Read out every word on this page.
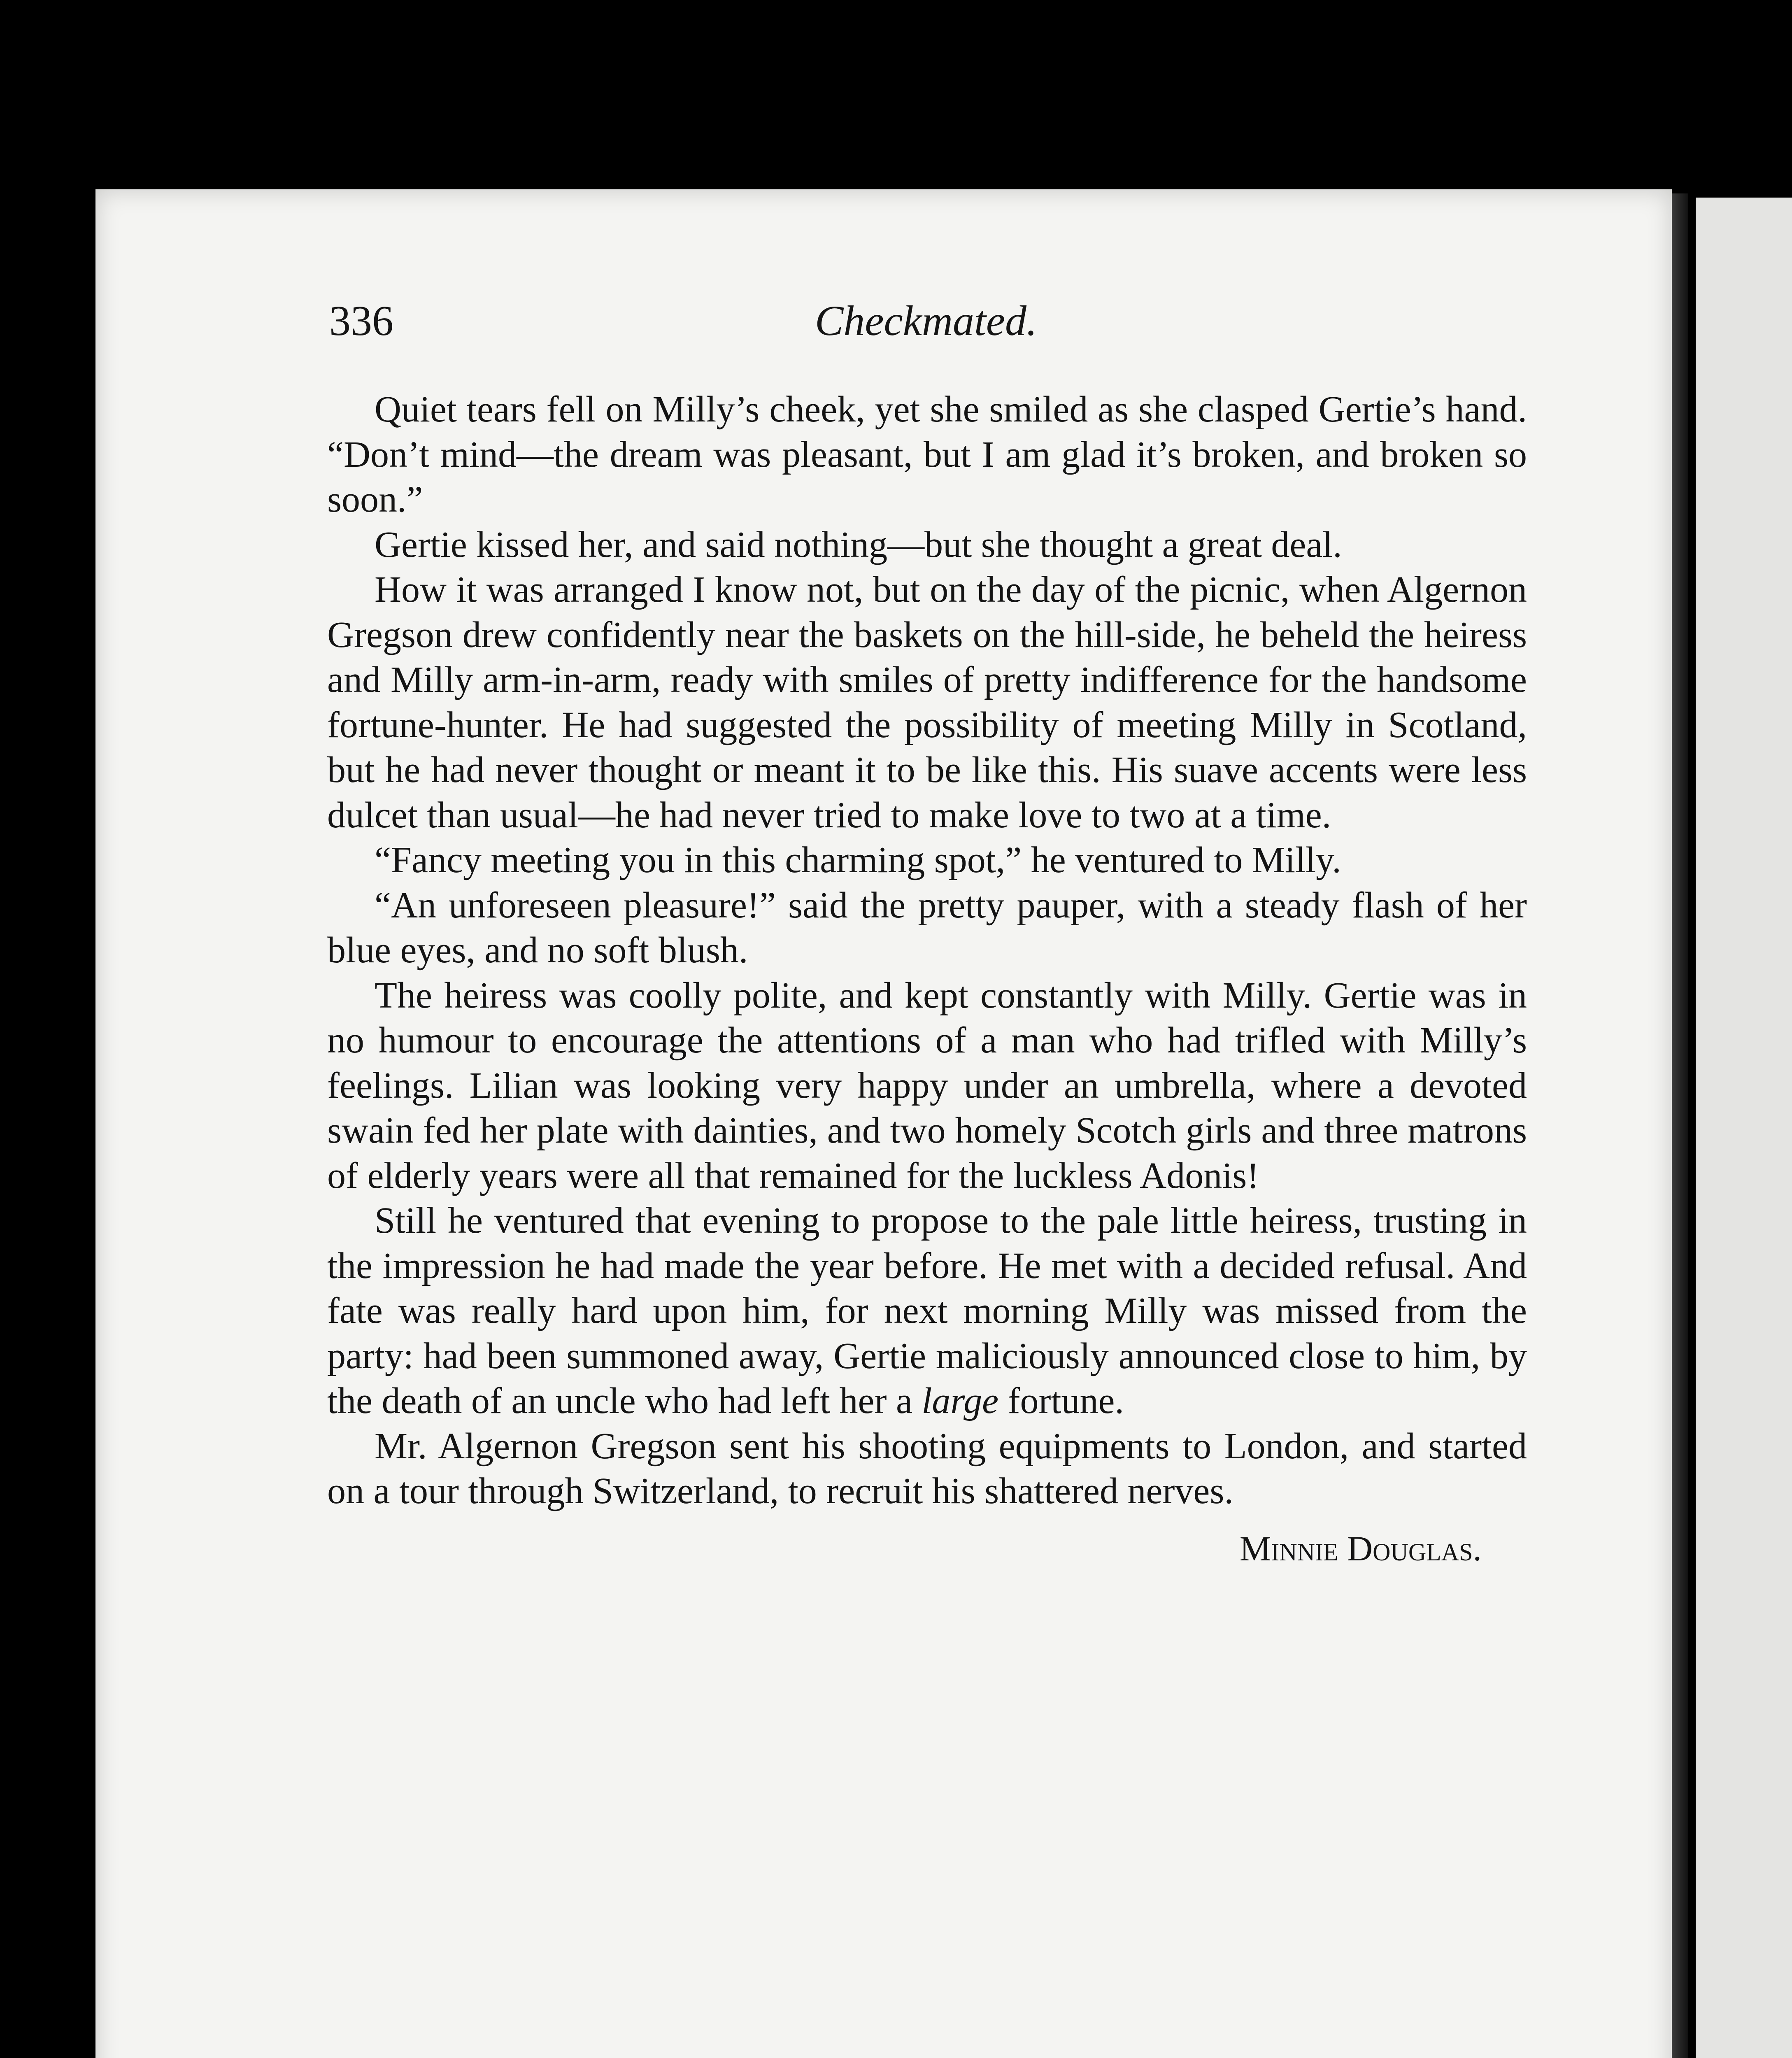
336	Checkmated.

Quiet tears fell on Milly’s cheek, yet she smiled as she clasped Gertie’s hand. “Don’t mind—the dream was pleasant, but I am glad it’s broken, and broken so soon.”

Gertie kissed her, and said nothing—but she thought a great deal.

How it was arranged I know not, but on the day of the picnic, when Algernon Gregson drew confidently near the baskets on the hill-side, he beheld the heiress and Milly arm-in-arm, ready with smiles of pretty indifference for the handsome fortune-hunter. He had suggested the possibility of meeting Milly in Scotland, but he had never thought or meant it to be like this. His suave accents were less dulcet than usual—he had never tried to make love to two at a time.

“Fancy meeting you in this charming spot,” he ventured to Milly.

“An unforeseen pleasure!” said the pretty pauper, with a steady flash of her blue eyes, and no soft blush.

The heiress was coolly polite, and kept constantly with Milly. Gertie was in no humour to encourage the attentions of a man who had trifled with Milly’s feelings. Lilian was looking very happy under an umbrella, where a devoted swain fed her plate with dainties, and two homely Scotch girls and three matrons of elderly years were all that remained for the luckless Adonis!

Still he ventured that evening to propose to the pale little heiress, trusting in the impression he had made the year before. He met with a decided refusal. And fate was really hard upon him, for next morning Milly was missed from the party: had been summoned away, Gertie maliciously announced close to him, by the death of an uncle who had left her a large fortune.

Mr. Algernon Gregson sent his shooting equipments to London, and started on a tour through Switzerland, to recruit his shattered nerves.

Minnie Douglas.
